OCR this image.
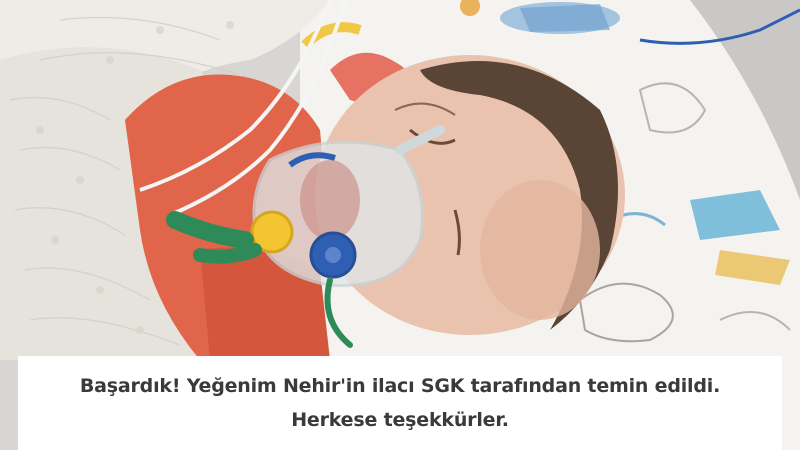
Başardık! Yeğenim Nehir'in ilacı SGK tarafından temin edildi.
Herkese teşekkürler.
